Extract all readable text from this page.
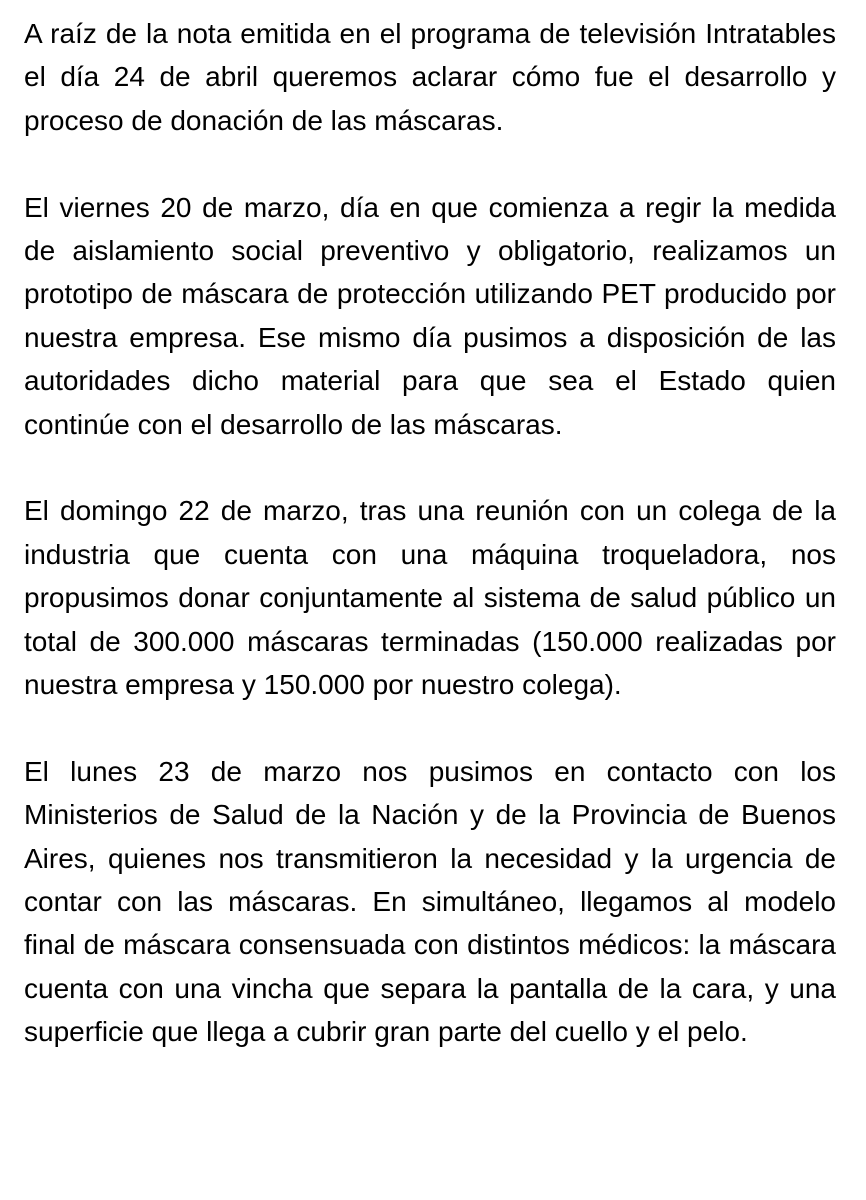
A raíz de la nota emitida en el programa de televisión Intratables el día 24 de abril queremos aclarar cómo fue el desarrollo y proceso de donación de las máscaras.

El viernes 20 de marzo, día en que comienza a regir la medida de aislamiento social preventivo y obligatorio, realizamos un prototipo de máscara de protección utilizando PET producido por nuestra empresa. Ese mismo día pusimos a disposición de las autoridades dicho material para que sea el Estado quien continúe con el desarrollo de las máscaras.

El domingo 22 de marzo, tras una reunión con un colega de la industria que cuenta con una máquina troqueladora, nos propusimos donar conjuntamente al sistema de salud público un total de 300.000 máscaras terminadas (150.000 realizadas por nuestra empresa y 150.000 por nuestro colega).

El lunes 23 de marzo nos pusimos en contacto con los Ministerios de Salud de la Nación y de la Provincia de Buenos Aires, quienes nos transmitieron la necesidad y la urgencia de contar con las máscaras. En simultáneo, llegamos al modelo final de máscara consensuada con distintos médicos: la máscara cuenta con una vincha que separa la pantalla de la cara, y una superficie que llega a cubrir gran parte del cuello y el pelo.
